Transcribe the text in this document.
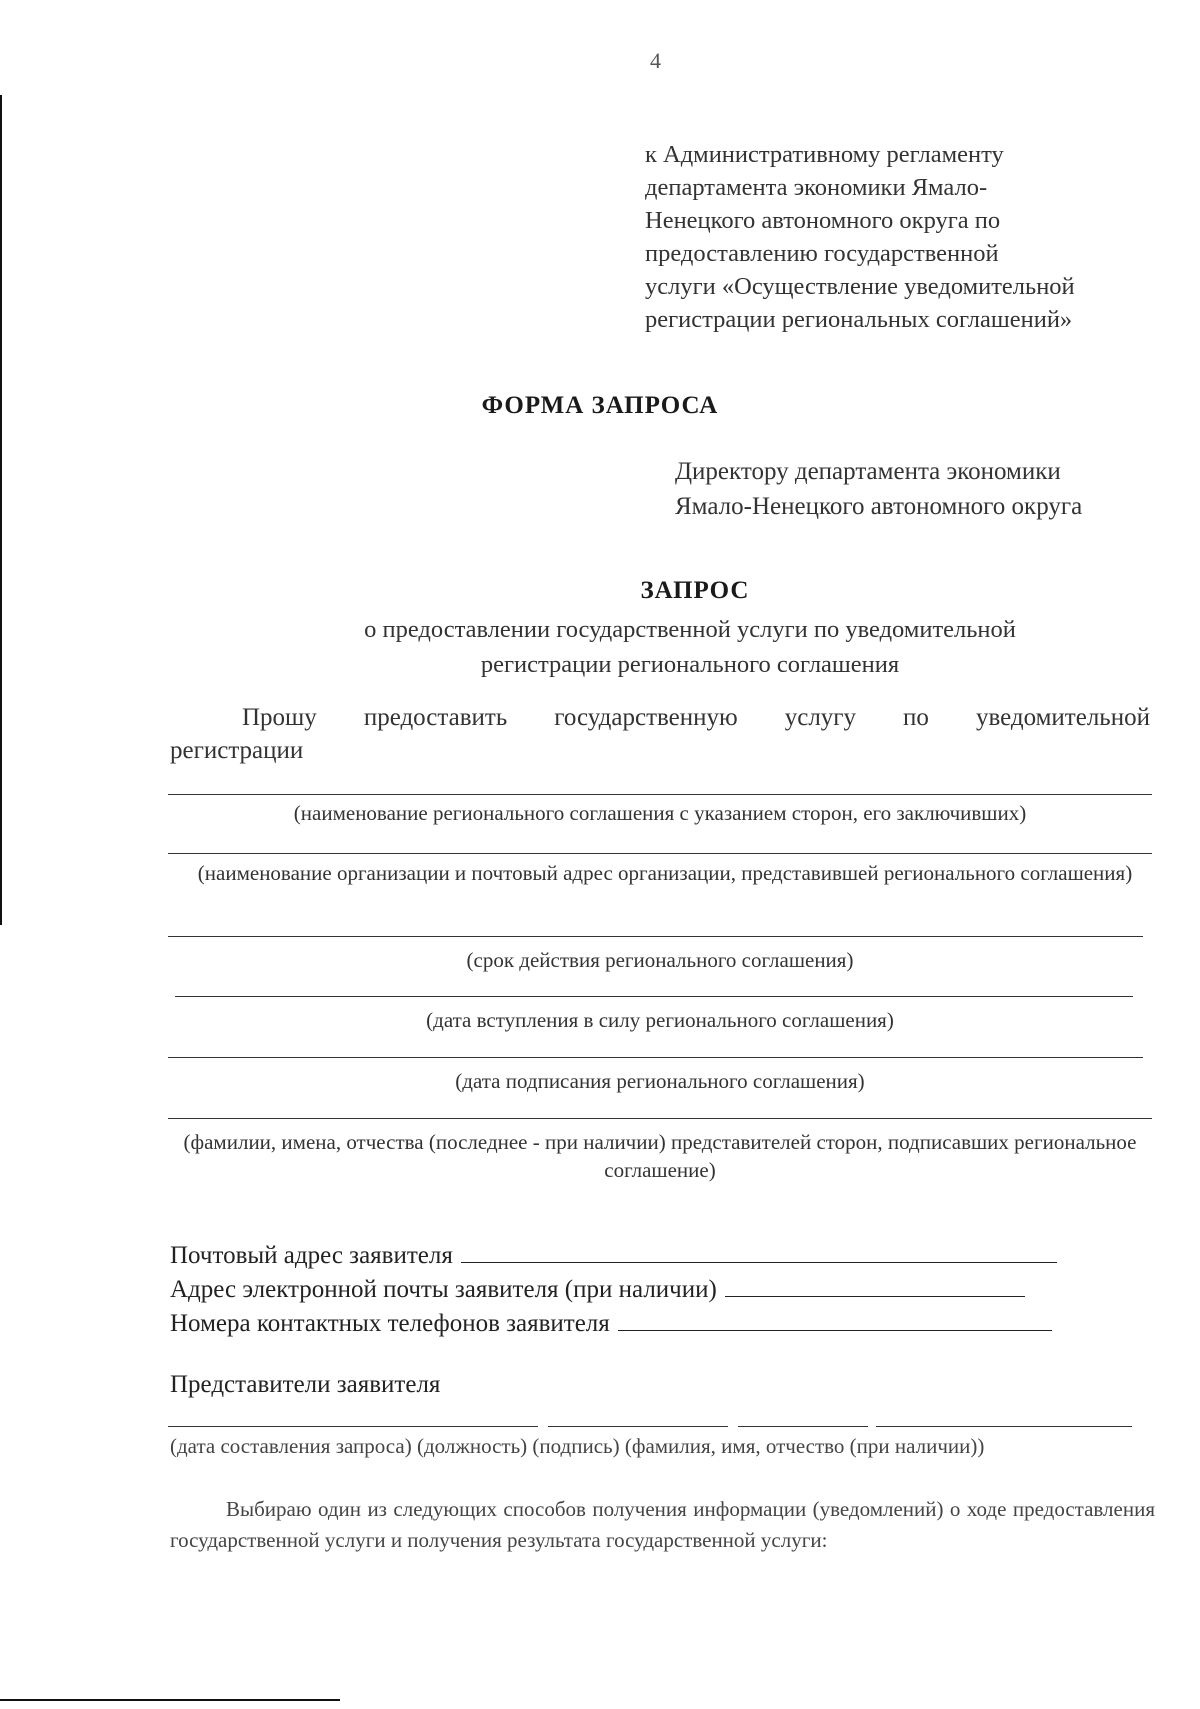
4
к Административному регламенту
департамента экономики Ямало-
Ненецкого автономного округа по
предоставлению государственной
услуги «Осуществление уведомительной
регистрации региональных соглашений»
ФОРМА ЗАПРОСА
Директору департамента экономики
Ямало-Ненецкого автономного округа
ЗАПРОС
о предоставлении государственной услуги по уведомительной
регистрации регионального соглашения
Прошу предоставить государственную услугу по уведомительной
регистрации
(наименование регионального соглашения с указанием сторон, его заключивших)
(наименование организации и почтовый адрес организации, представившей регионального соглашения)
(срок действия регионального соглашения)
(дата вступления в силу регионального соглашения)
(дата подписания регионального соглашения)
(фамилии, имена, отчества (последнее - при наличии) представителей сторон, подписавших региональное соглашение)
Почтовый адрес заявителя
Адрес электронной почты заявителя (при наличии)
Номера контактных телефонов заявителя
Представители заявителя
(дата составления запроса) (должность) (подпись) (фамилия, имя, отчество (при наличии))
Выбираю один из следующих способов получения информации (уведомлений) о ходе предоставления государственной услуги и получения результата государственной услуги:
